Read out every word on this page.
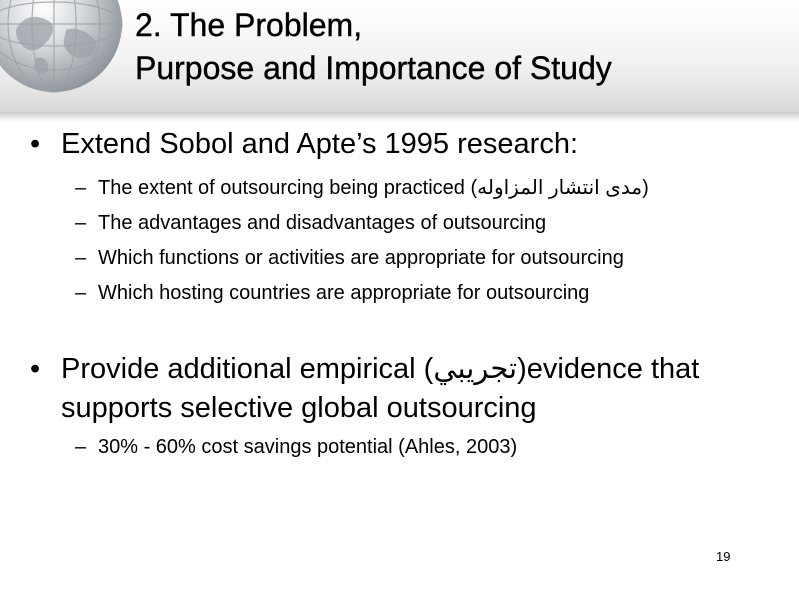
2. The Problem,
Purpose and Importance of Study
• Extend Sobol and Apte’s 1995 research:
– The extent of outsourcing being practiced (مدى انتشار المزاوله)
– The advantages and disadvantages of outsourcing
– Which functions or activities are appropriate for outsourcing
– Which hosting countries are appropriate for outsourcing
• Provide additional empirical (تجريبي)evidence that
supports selective global outsourcing
– 30% - 60% cost savings potential (Ahles, 2003)
19
